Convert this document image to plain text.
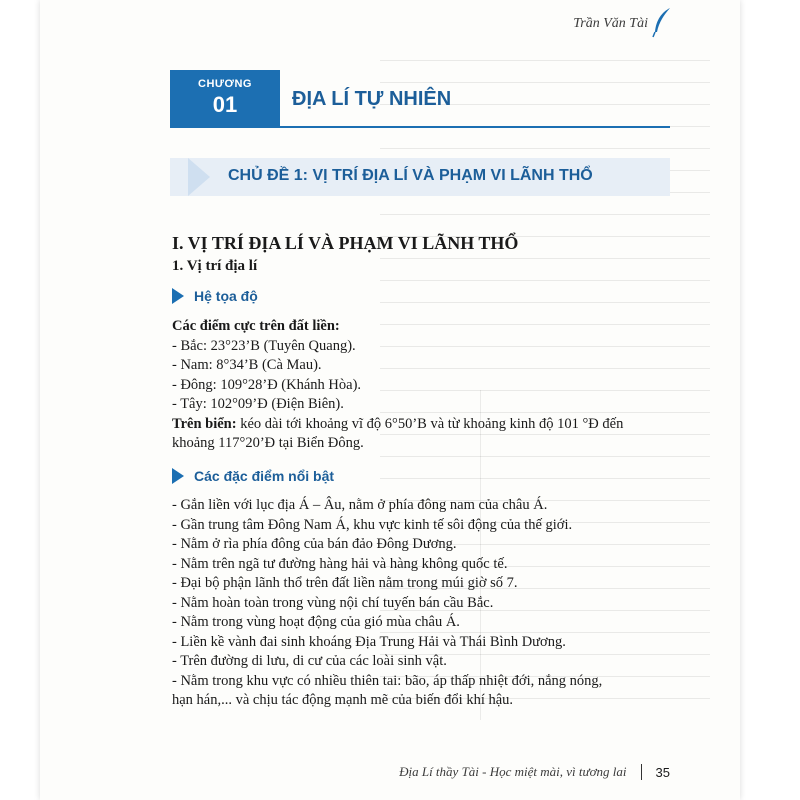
Trần Văn Tài
CHƯƠNG
01	ĐỊA LÍ TỰ NHIÊN
CHỦ ĐỀ 1: VỊ TRÍ ĐỊA LÍ VÀ PHẠM VI LÃNH THỔ
I. VỊ TRÍ ĐỊA LÍ VÀ PHẠM VI LÃNH THỔ
1. Vị trí địa lí
Hệ tọa độ
Các điểm cực trên đất liền:
- Bắc: 23°23’B (Tuyên Quang).
- Nam: 8°34’B (Cà Mau).
- Đông: 109°28’Đ (Khánh Hòa).
- Tây: 102°09’Đ (Điện Biên).
Trên biển: kéo dài tới khoảng vĩ độ 6°50’B và từ khoảng kinh độ 101 °Đ đến
khoảng 117°20’Đ tại Biển Đông.
Các đặc điểm nổi bật
- Gắn liền với lục địa Á – Âu, nằm ở phía đông nam của châu Á.
- Gần trung tâm Đông Nam Á, khu vực kinh tế sôi động của thế giới.
- Nằm ở rìa phía đông của bán đảo Đông Dương.
- Nằm trên ngã tư đường hàng hải và hàng không quốc tế.
- Đại bộ phận lãnh thổ trên đất liền nằm trong múi giờ số 7.
- Nằm hoàn toàn trong vùng nội chí tuyến bán cầu Bắc.
- Nằm trong vùng hoạt động của gió mùa châu Á.
- Liền kề vành đai sinh khoáng Địa Trung Hải và Thái Bình Dương.
- Trên đường di lưu, di cư của các loài sinh vật.
- Nằm trong khu vực có nhiều thiên tai: bão, áp thấp nhiệt đới, nắng nóng,
hạn hán,... và chịu tác động mạnh mẽ của biến đổi khí hậu.
Địa Lí thầy Tài - Học miệt mài, vì tương lai 35
